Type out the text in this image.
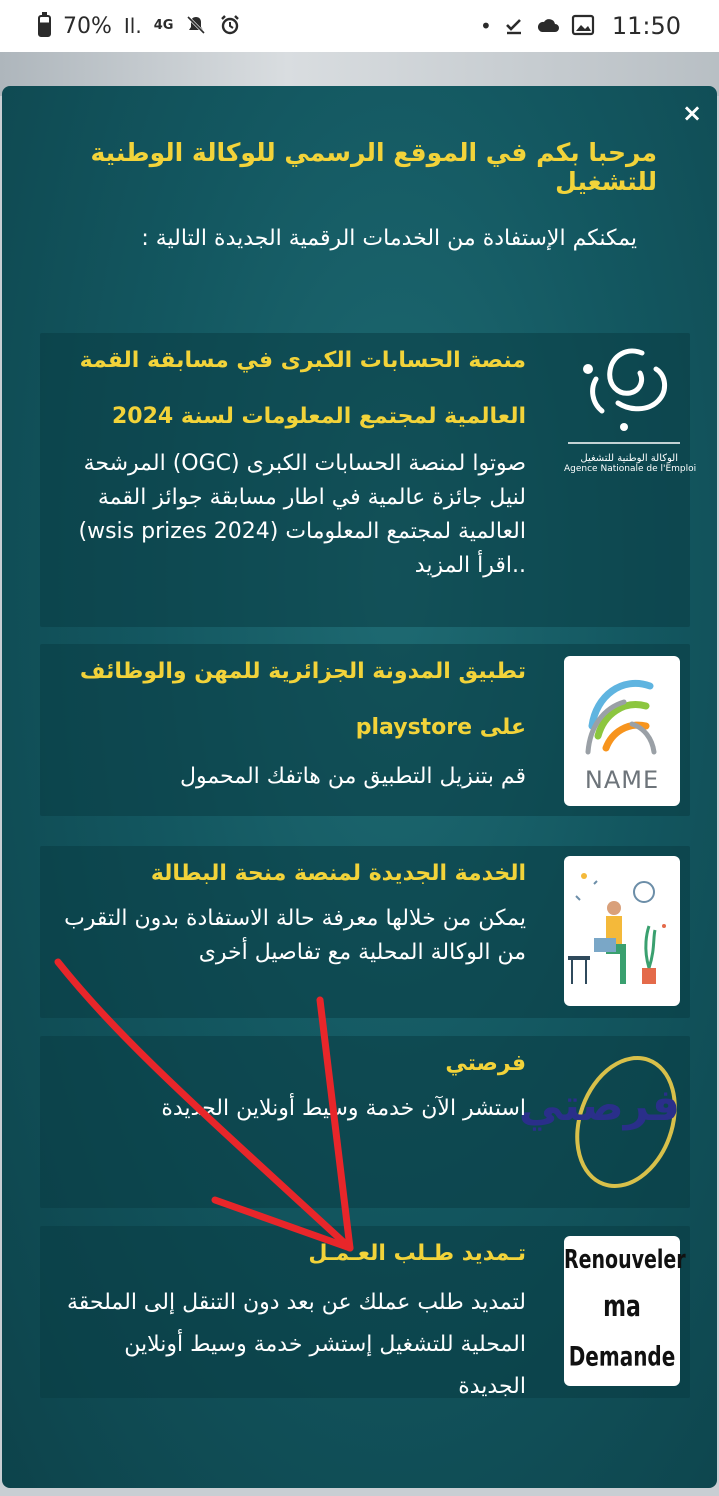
70% Il. 4G	•	11:50
×
مرحبا بكم في الموقع الرسمي للوكالة الوطنية للتشغيل
يمكنكم الإستفادة من الخدمات الرقمية الجديدة التالية :
الوكالة الوطنية للتشغيل
Agence Nationale de l'Emploi
منصة الحسابات الكبرى في مسابقة القمة العالمية لمجتمع المعلومات لسنة 2024
صوتوا لمنصة الحسابات الكبرى (OGC) المرشحة لنيل جائزة عالمية في اطار مسابقة جوائز القمة العالمية لمجتمع المعلومات (wsis prizes 2024) ..اقرأ المزيد
NAME
تطبيق المدونة الجزائرية للمهن والوظائف على playstore
قم بتنزيل التطبيق من هاتفك المحمول
الخدمة الجديدة لمنصة منحة البطالة
يمكن من خلالها معرفة حالة الاستفادة بدون التقرب من الوكالة المحلية مع تفاصيل أخرى
فرصتي
فرصتي
استشر الآن خدمة وسيط أونلاين الجديدة
Renouveler
ma
Demande
تـمديد طـلب العـمـل
لتمديد طلب عملك عن بعد دون التنقل إلى الملحقة المحلية للتشغيل إستشر خدمة وسيط أونلاين الجديدة
